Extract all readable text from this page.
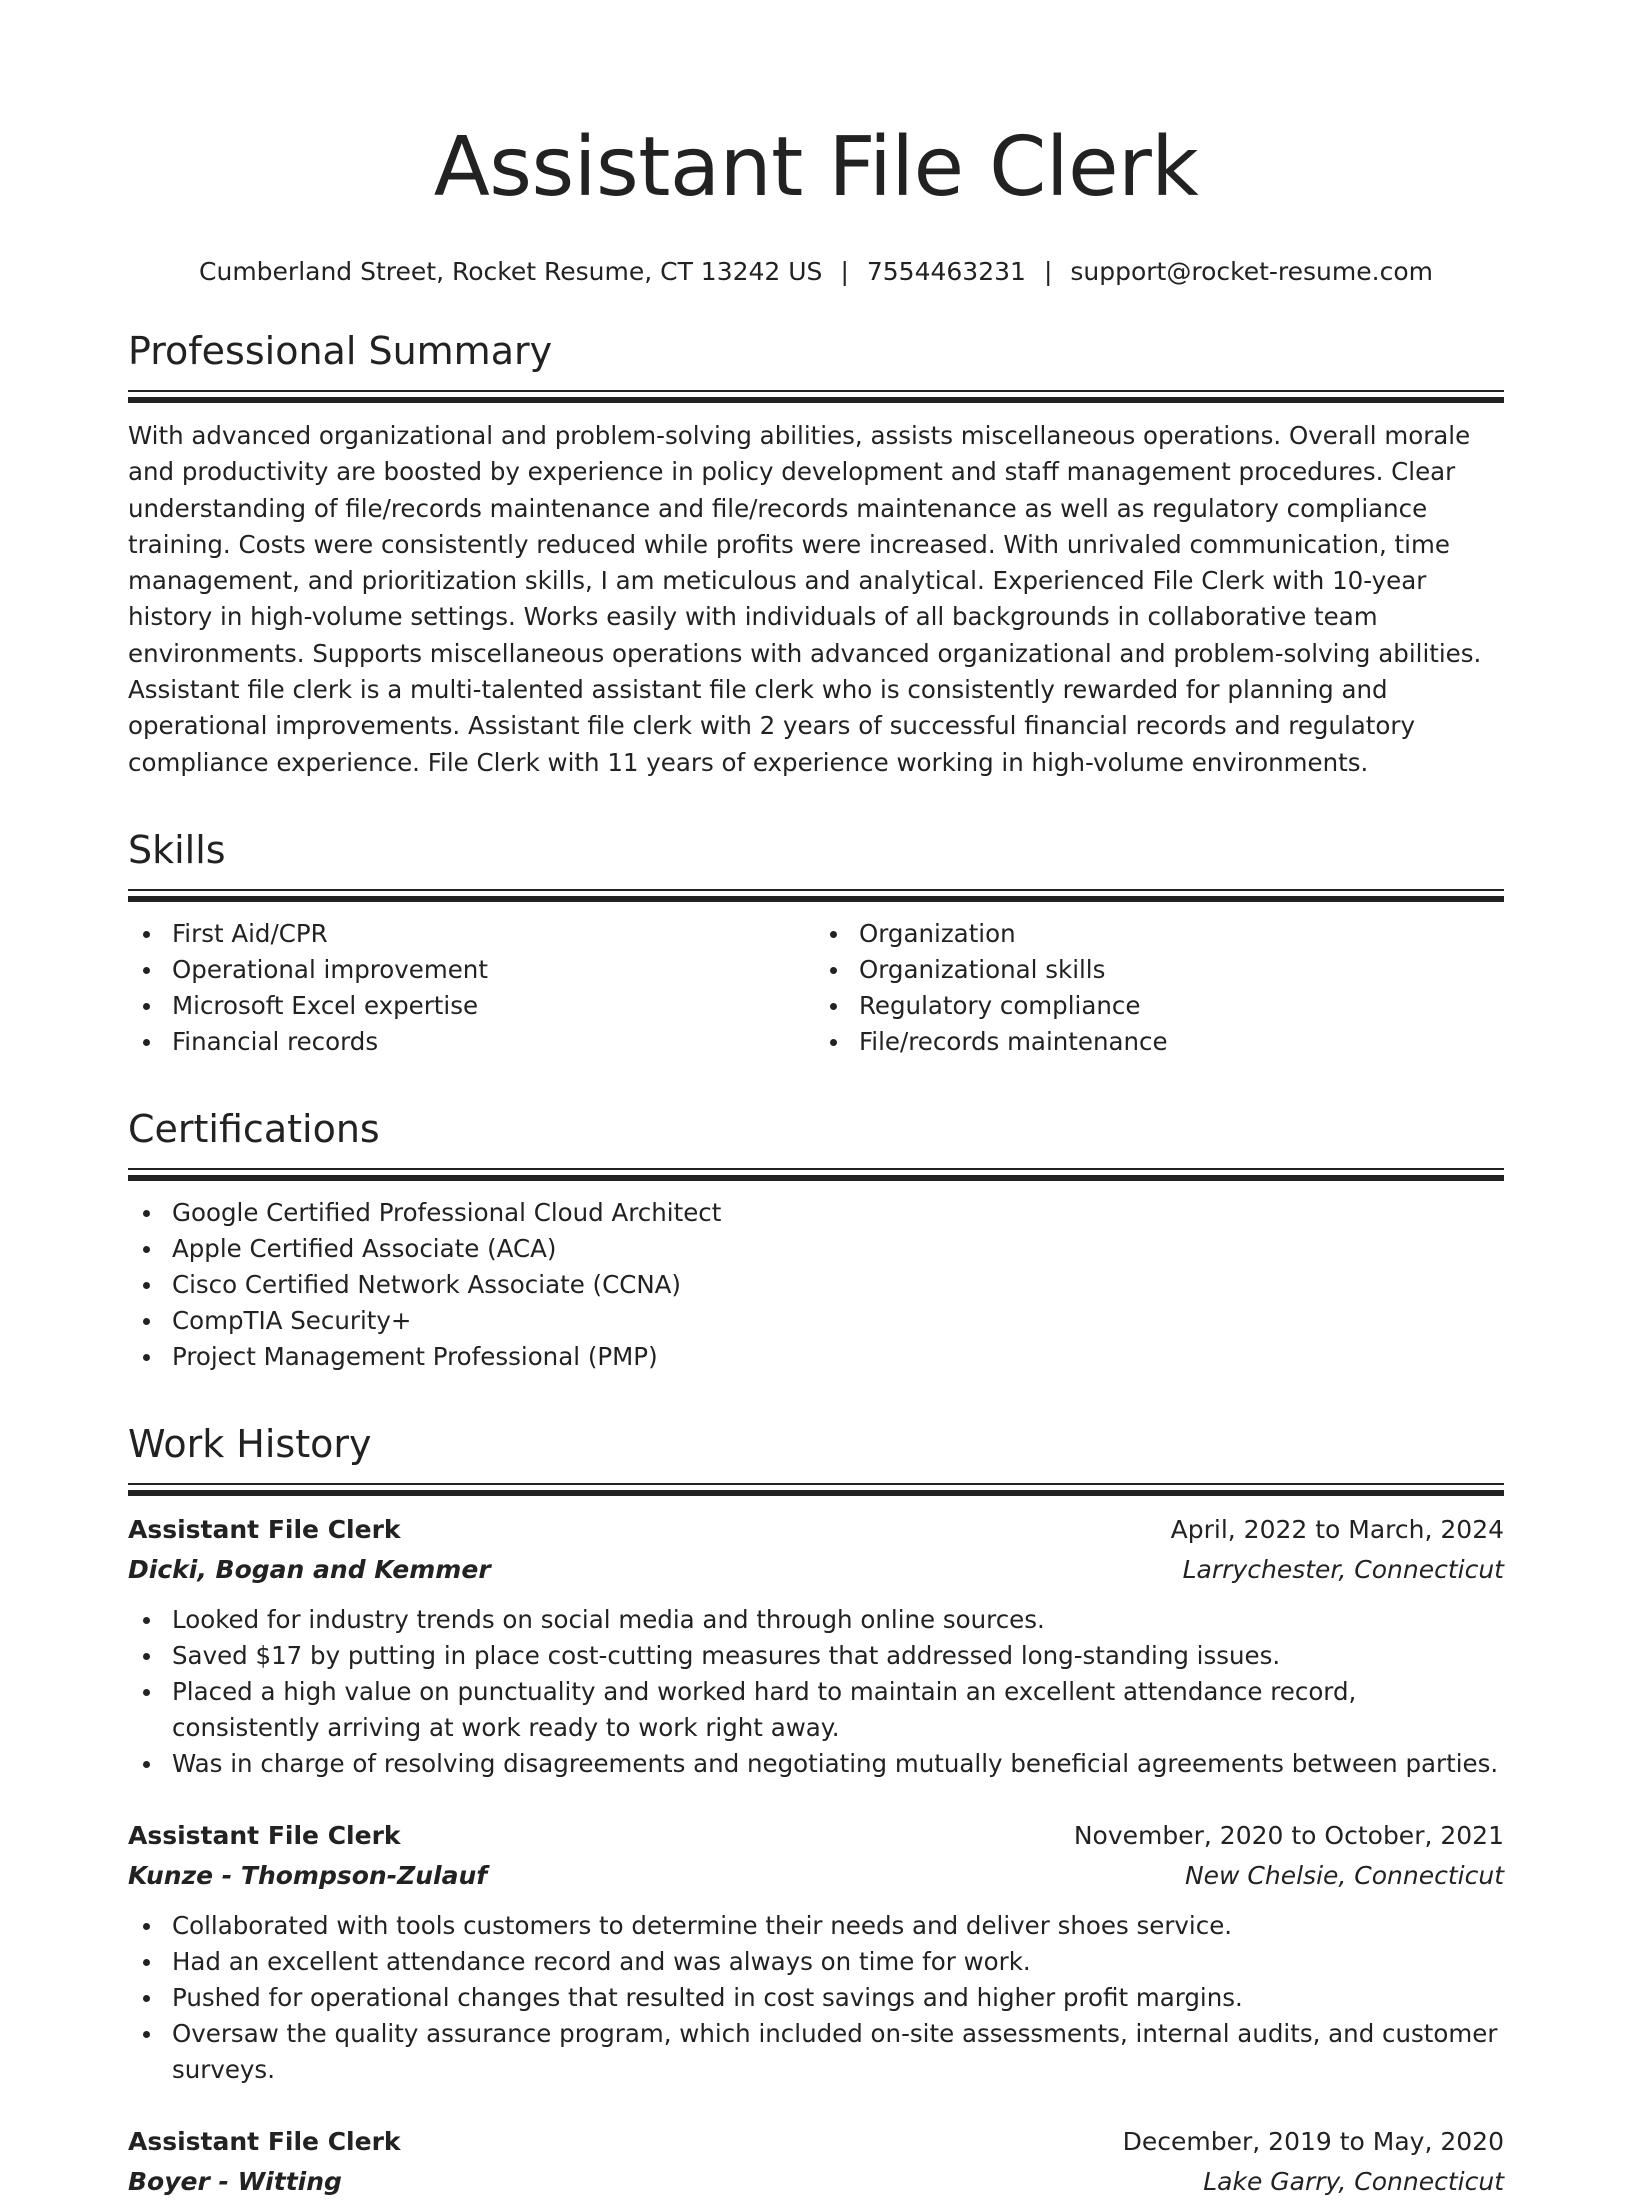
Assistant File Clerk
Cumberland Street, Rocket Resume, CT 13242 US | 7554463231 | support@rocket-resume.com
Professional Summary

With advanced organizational and problem-solving abilities, assists miscellaneous operations. Overall morale and productivity are boosted by experience in policy development and staff management procedures. Clear understanding of file/records maintenance and file/records maintenance as well as regulatory compliance training. Costs were consistently reduced while profits were increased. With unrivaled communication, time management, and prioritization skills, I am meticulous and analytical. Experienced File Clerk with 10-year history in high-volume settings. Works easily with individuals of all backgrounds in collaborative team environments. Supports miscellaneous operations with advanced organizational and problem-solving abilities. Assistant file clerk is a multi-talented assistant file clerk who is consistently rewarded for planning and operational improvements. Assistant file clerk with 2 years of successful financial records and regulatory compliance experience. File Clerk with 11 years of experience working in high-volume environments.

Skills
First Aid/CPR
Operational improvement
Microsoft Excel expertise
Financial records
Organization
Organizational skills
Regulatory compliance
File/records maintenance
Certifications
Google Certified Professional Cloud Architect
Apple Certified Associate (ACA)
Cisco Certified Network Associate (CCNA)
CompTIA Security+
Project Management Professional (PMP)
Work History
Assistant File Clerk	April, 2022 to March, 2024
Dicki, Bogan and Kemmer	Larrychester, Connecticut
Looked for industry trends on social media and through online sources.
Saved $17 by putting in place cost-cutting measures that addressed long-standing issues.
Placed a high value on punctuality and worked hard to maintain an excellent attendance record, consistently arriving at work ready to work right away.
Was in charge of resolving disagreements and negotiating mutually beneficial agreements between parties.
Assistant File Clerk	November, 2020 to October, 2021
Kunze - Thompson-Zulauf	New Chelsie, Connecticut
Collaborated with tools customers to determine their needs and deliver shoes service.
Had an excellent attendance record and was always on time for work.
Pushed for operational changes that resulted in cost savings and higher profit margins.
Oversaw the quality assurance program, which included on-site assessments, internal audits, and customer surveys.
Assistant File Clerk	December, 2019 to May, 2020
Boyer - Witting	Lake Garry, Connecticut
